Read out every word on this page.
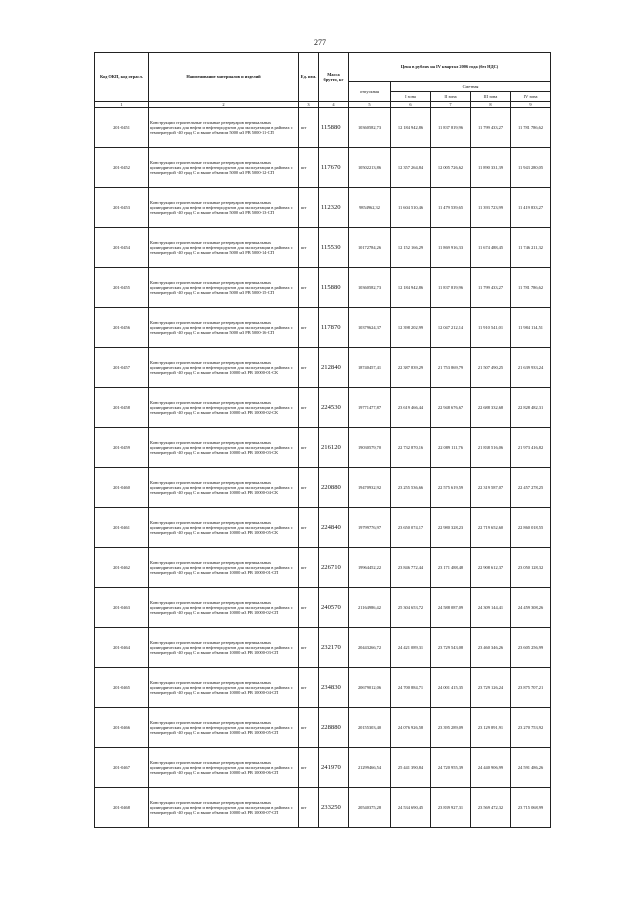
277
Код ОКП, код отрасл.	Наименование материалов и изделий	Ед. изм.	Масса брутто, кг	Цена в рублях на IV квартал 2006 года (без НДС)				
				отпускная	Сметная			
					I зона	II зона	III зона	IV зона
1	2	3	4	5	6	7	8	9
201-0451	Конструкции строительные стальные резервуаров вертикальных цилиндрических для нефти и нефтепродуктов для эксплуатации в районах с температурой -40 град С и выше объемом 5000 м3 РВ 5000-11-СП	шт	115880	10360582,73	12 184 942,86	11 837 819,96	11 799 433,27	11 781 786,62
201-0452	Конструкции строительные стальные резервуаров вертикальных цилиндрических для нефти и нефтепродуктов для эксплуатации в районах с температурой -40 град С и выше объемом 5000 м3 РВ 5000-12-СП	шт	117670	10502213,86	12 357 264,84	12 005 726,62	11 890 331,39	11 943 280,05
201-0453	Конструкции строительные стальные резервуаров вертикальных цилиндрических для нефти и нефтепродуктов для эксплуатации в районах с температурой -40 град С и выше объемом 5000 м3 РВ 5000-13-СП	шт	112320	9854962,32	11 604 510,46	11 479 539,65	11 393 723,99	11 419 833,27
201-0454	Конструкции строительные стальные резервуаров вертикальных цилиндрических для нефти и нефтепродуктов для эксплуатации в районах с температурой -40 град С и выше объемом 5000 м3 РВ 5000-14-СП	шт	115530	10172784,26	12 152 166,29	11 869 916,33	11 674 488,45	11 746 211,32
201-0455	Конструкции строительные стальные резервуаров вертикальных цилиндрических для нефти и нефтепродуктов для эксплуатации в районах с температурой -40 град С и выше объемом 5000 м3 РВ 5000-15-СП	шт	115880	10360582,73	12 184 942,86	11 837 819,96	11 799 433,27	11 781 786,62
201-0456	Конструкции строительные стальные резервуаров вертикальных цилиндрических для нефти и нефтепродуктов для эксплуатации в районах с температурой -40 град С и выше объемом 5000 м3 РВ 5000-16-СП	шт	117870	10379624,37	12 398 202,99	12 047 212,14	11 910 541,01	11 984 114,51
201-0457	Конструкции строительные стальные резервуаров вертикальных цилиндрических для нефти и нефтепродуктов для эксплуатации в районах с температурой -40 град С и выше объемом 10000 м3 РВ 10000-01-СК	шт	212840	18740457,41	22 387 839,29	21 753 869,79	21 507 490,25	21 639 933,24
201-0458	Конструкции строительные стальные резервуаров вертикальных цилиндрических для нефти и нефтепродуктов для эксплуатации в районах с температурой -40 град С и выше объемом 10000 м3 РВ 10000-02-СК	шт	224530	19771477,87	23 619 466,44	22 948 676,67	22 688 332,68	22 828 482,31
201-0459	Конструкции строительные стальные резервуаров вертикальных цилиндрических для нефти и нефтепродуктов для эксплуатации в районах с температурой -40 град С и выше объемом 10000 м3 РВ 10000-03-СК	шт	216120	19030579,70	22 732 870,16	22 089 111,76	21 838 516,06	21 973 416,82
201-0460	Конструкции строительные стальные резервуаров вертикальных цилиндрических для нефти и нефтепродуктов для эксплуатации в районах с температурой -40 град С и выше объемом 10000 м3 РВ 10000-04-СК	шт	220880	19470932,92	23 255 536,66	22 575 619,59	22 319 587,07	22 457 278,25
201-0461	Конструкции строительные стальные резервуаров вертикальных цилиндрических для нефти и нефтепродуктов для эксплуатации в районах с температурой -40 град С и выше объемом 10000 м3 РВ 10000-05-СК	шт	224840	19799776,97	23 650 074,17	22 980 328,23	22 719 652,60	22 860 018,55
201-0462	Конструкции строительные стальные резервуаров вертикальных цилиндрических для нефти и нефтепродуктов для эксплуатации в районах с температурой -40 град С и выше объемом 10000 м3 РВ 10000-01-СП	шт	226710	19964452,22	23 846 772,44	23 171 488,48	22 908 612,37	23 050 128,32
201-0463	Конструкции строительные стальные резервуаров вертикальных цилиндрических для нефти и нефтепродуктов для эксплуатации в районах с температурой -40 град С и выше объемом 10000 м3 РВ 10000-02-СП	шт	240570	21164986,42	25 304 653,72	24 588 087,09	24 309 144,41	24 459 308,26
201-0464	Конструкции строительные стальные резервуаров вертикальных цилиндрических для нефти и нефтепродуктов для эксплуатации в районах с температурой -40 град С и выше объемом 10000 м3 РВ 10000-03-СП	шт	232170	20443266,72	24 421 089,31	23 729 543,08	23 460 346,26	23 605 256,99
201-0465	Конструкции строительные стальные резервуаров вертикальных цилиндрических для нефти и нефтепродуктов для эксплуатации в районах с температурой -40 град С и выше объемом 10000 м3 РВ 10000-04-СП	шт	234830	20679012,06	24 700 884,71	24 001 415,35	23 729 126,24	23 875 707,21
201-0466	Конструкции строительные стальные резервуаров вертикальных цилиндрических для нефти и нефтепродуктов для эксплуатации в районах с температурой -40 град С и выше объемом 10000 м3 РВ 10000-05-СП	шт	228880	20155303,40	24 076 926,58	23 395 289,09	23 129 891,91	23 270 753,92
201-0467	Конструкции строительные стальные резервуаров вертикальных цилиндрических для нефти и нефтепродуктов для эксплуатации в районах с температурой -40 град С и выше объемом 10000 м3 РВ 10000-06-СП	шт	241970	21299466,54	25 441 390,84	24 720 955,39	24 440 906,99	24 591 486,26
201-0468	Конструкции строительные стальные резервуаров вертикальных цилиндрических для нефти и нефтепродуктов для эксплуатации в районах с температурой -40 град С и выше объемом 10000 м3 РВ 10000-07-СП	шт	233250	20540375,28	24 534 690,45	23 839 927,31	23 569 472,32	23 715 068,99
